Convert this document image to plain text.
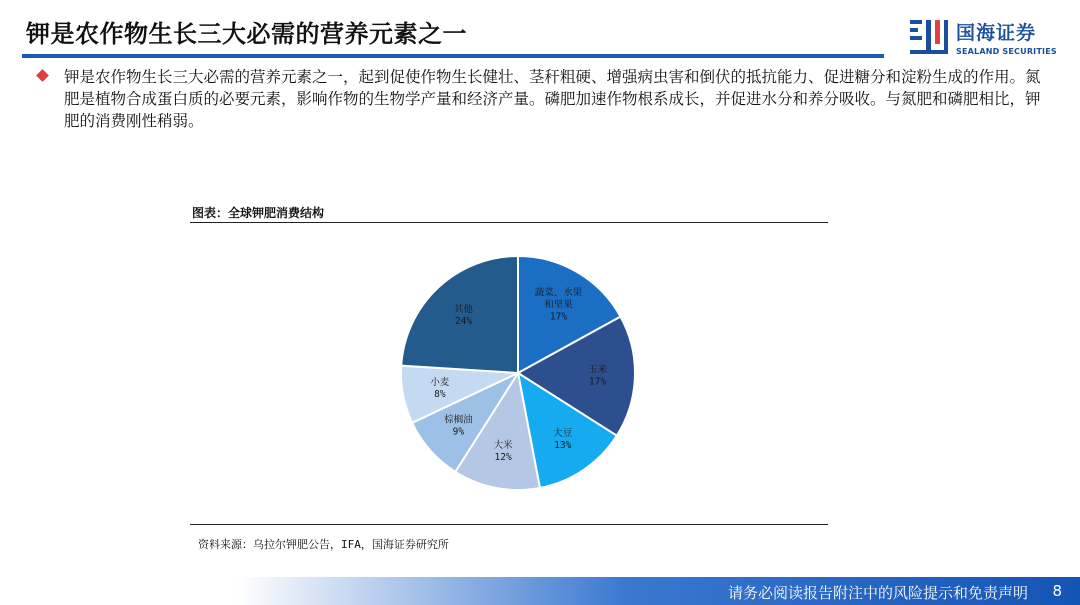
钾是农作物生长三大必需的营养元素之一	国海证券
SEALAND SECURITIES
钾是农作物生长三大必需的营养元素之一，起到促使作物生长健壮、茎秆粗硬、增强病虫害和倒伏的抵抗能力、促进糖分和淀粉生成的作用。氮肥是植物合成蛋白质的必要元素，影响作物的生物学产量和经济产量。磷肥加速作物根系成长，并促进水分和养分吸收。与氮肥和磷肥相比，钾肥的消费刚性稍弱。
图表：全球钾肥消费结构
蔬菜、水果
和坚果
17%
玉米
17%
大豆
13%
大米
12%
棕榈油
9%
小麦
8%
其他
24%
资料来源：乌拉尔钾肥公告，IFA，国海证券研究所
请务必阅读报告附注中的风险提示和免责声明 8
